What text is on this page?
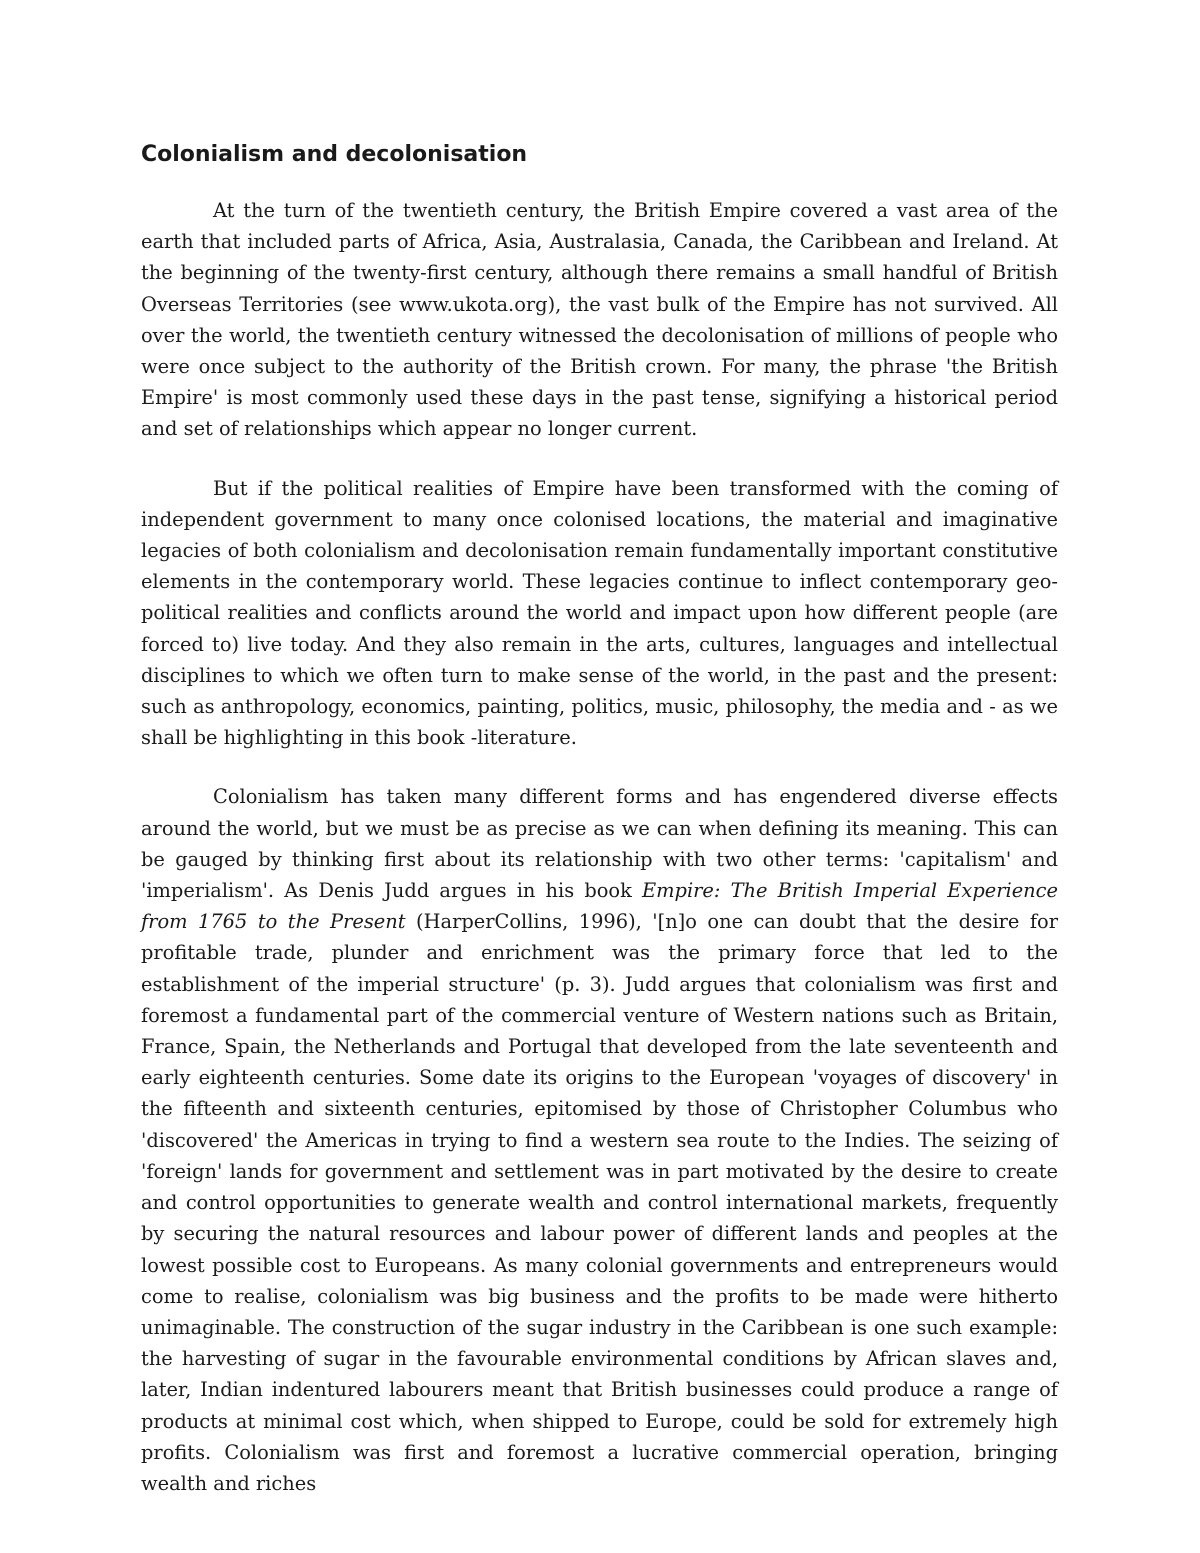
Colonialism and decolonisation

At the turn of the twentieth century, the British Empire covered a vast area of the earth that included parts of Africa, Asia, Australasia, Canada, the Caribbean and Ireland. At the beginning of the twenty-first century, although there remains a small handful of British Overseas Territories (see www.ukota.org), the vast bulk of the Empire has not survived. All over the world, the twentieth century witnessed the decolonisation of millions of people who were once subject to the authority of the British crown. For many, the phrase 'the British Empire' is most commonly used these days in the past tense, signifying a historical period and set of relationships which appear no longer current.

But if the political realities of Empire have been transformed with the coming of independent government to many once colonised locations, the material and imaginative legacies of both colonialism and decolonisation remain fundamentally important constitutive elements in the contemporary world. These legacies continue to inflect contemporary geo-political realities and conflicts around the world and impact upon how different people (are forced to) live today. And they also remain in the arts, cultures, languages and intellectual disciplines to which we often turn to make sense of the world, in the past and the present: such as anthropology, economics, painting, politics, music, philosophy, the media and - as we shall be highlighting in this book -literature.

Colonialism has taken many different forms and has engendered diverse effects around the world, but we must be as precise as we can when defining its meaning. This can be gauged by thinking first about its relationship with two other terms: 'capitalism' and 'imperialism'. As Denis Judd argues in his book Empire: The British Imperial Experience from 1765 to the Present (HarperCollins, 1996), '[n]o one can doubt that the desire for profitable trade, plunder and enrichment was the primary force that led to the establishment of the imperial structure' (p. 3). Judd argues that colonialism was first and foremost a fundamental part of the commercial venture of Western nations such as Britain, France, Spain, the Netherlands and Portugal that developed from the late seventeenth and early eighteenth centuries. Some date its origins to the European 'voyages of discovery' in the fifteenth and sixteenth centuries, epitomised by those of Christopher Columbus who 'discovered' the Americas in trying to find a western sea route to the Indies. The seizing of 'foreign' lands for government and settlement was in part motivated by the desire to create and control opportunities to generate wealth and control international markets, frequently by securing the natural resources and labour power of different lands and peoples at the lowest possible cost to Europeans. As many colonial governments and entrepreneurs would come to realise, colonialism was big business and the profits to be made were hitherto unimaginable. The construction of the sugar industry in the Caribbean is one such example: the harvesting of sugar in the favourable environmental conditions by African slaves and, later, Indian indentured labourers meant that British businesses could produce a range of products at minimal cost which, when shipped to Europe, could be sold for extremely high profits. Colonialism was first and foremost a lucrative commercial operation, bringing wealth and riches
